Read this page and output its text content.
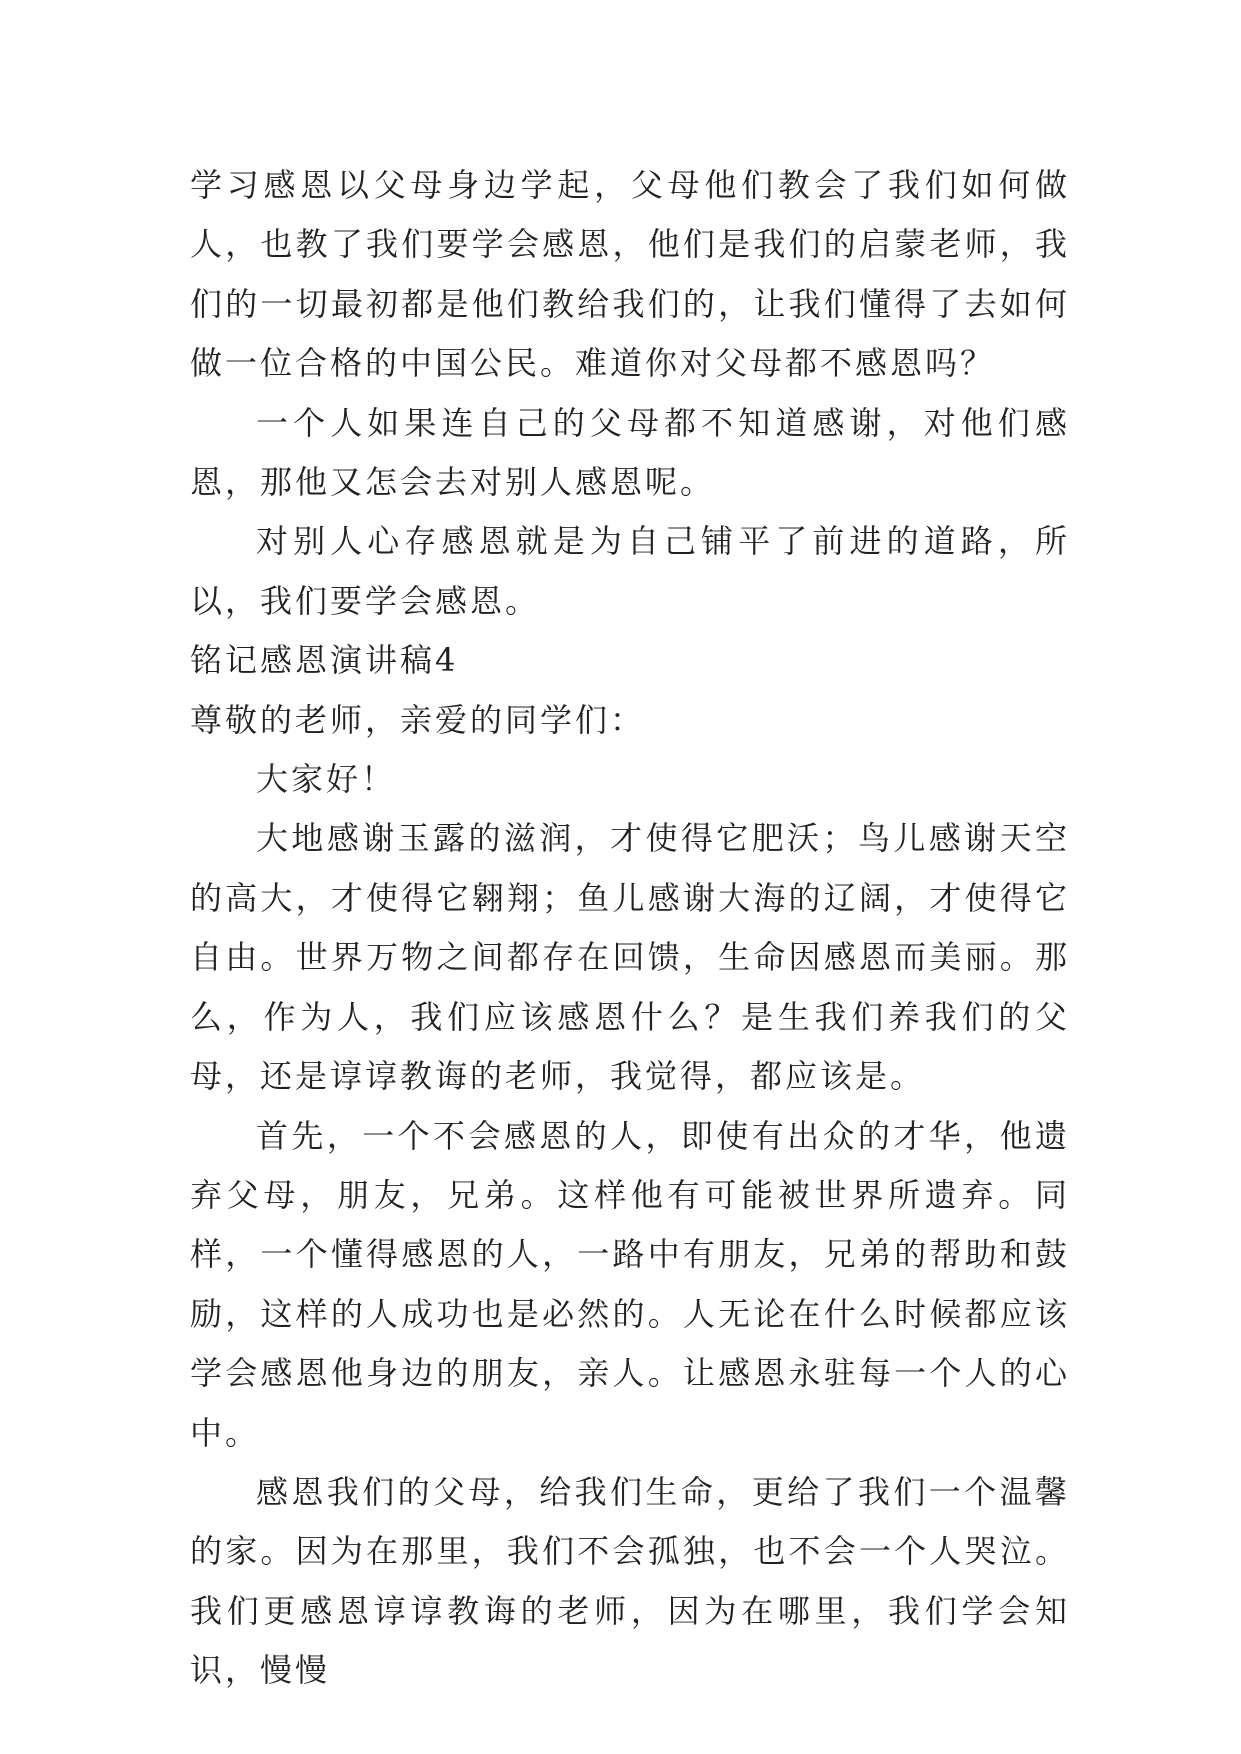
学习感恩以父母身边学起，父母他们教会了我们如何做人，也教了我们要学会感恩，他们是我们的启蒙老师，我们的一切最初都是他们教给我们的，让我们懂得了去如何做一位合格的中国公民。难道你对父母都不感恩吗？

一个人如果连自己的父母都不知道感谢，对他们感恩，那他又怎会去对别人感恩呢。

对别人心存感恩就是为自己铺平了前进的道路，所以，我们要学会感恩。

铭记感恩演讲稿4

尊敬的老师，亲爱的同学们：

大家好！

大地感谢玉露的滋润，才使得它肥沃；鸟儿感谢天空的高大，才使得它翱翔；鱼儿感谢大海的辽阔，才使得它自由。世界万物之间都存在回馈，生命因感恩而美丽。那么，作为人，我们应该感恩什么？是生我们养我们的父母，还是谆谆教诲的老师，我觉得，都应该是。

首先，一个不会感恩的人，即使有出众的才华，他遗弃父母，朋友，兄弟。这样他有可能被世界所遗弃。同样，一个懂得感恩的人，一路中有朋友，兄弟的帮助和鼓励，这样的人成功也是必然的。人无论在什么时候都应该学会感恩他身边的朋友，亲人。让感恩永驻每一个人的心中。

感恩我们的父母，给我们生命，更给了我们一个温馨的家。因为在那里，我们不会孤独，也不会一个人哭泣。我们更感恩谆谆教诲的老师，因为在哪里，我们学会知识，慢慢
